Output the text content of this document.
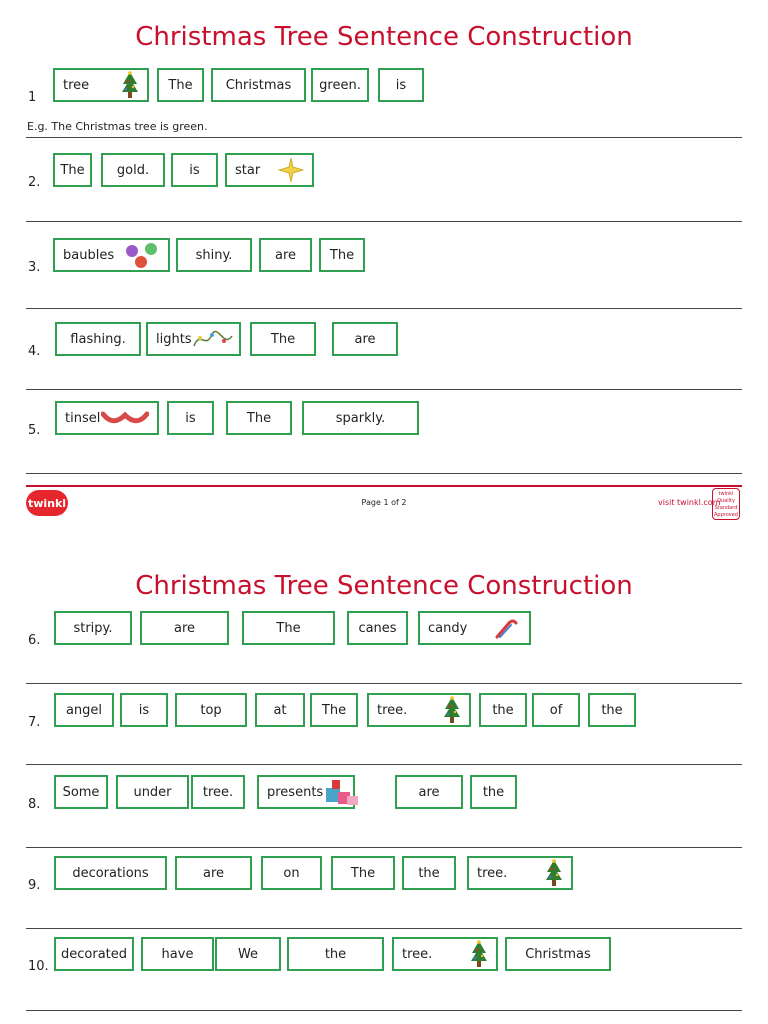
Christmas Tree Sentence Construction
Christmas Tree Sentence Construction
E.g. The Christmas tree is green.
twinkl	Page 1 of 2	visit twinkl.com
twinkl Quality Standard Approved
1
tree	The	Christmas green.	is
2.
The gold.	is	star
3.
baubles	shiny.	are	The
4.
flashing. lights	The	are
5.
tinsel	is	The	sparkly.
6.
stripy.	are	The	canes candy
7.
angel	is	top	at	The tree.	the	of	the
8.
Some	under tree.	presents	are	the
9.
decorations	are	on	The	the	tree.
10.
decorated	have	We	the	tree.	Christmas
